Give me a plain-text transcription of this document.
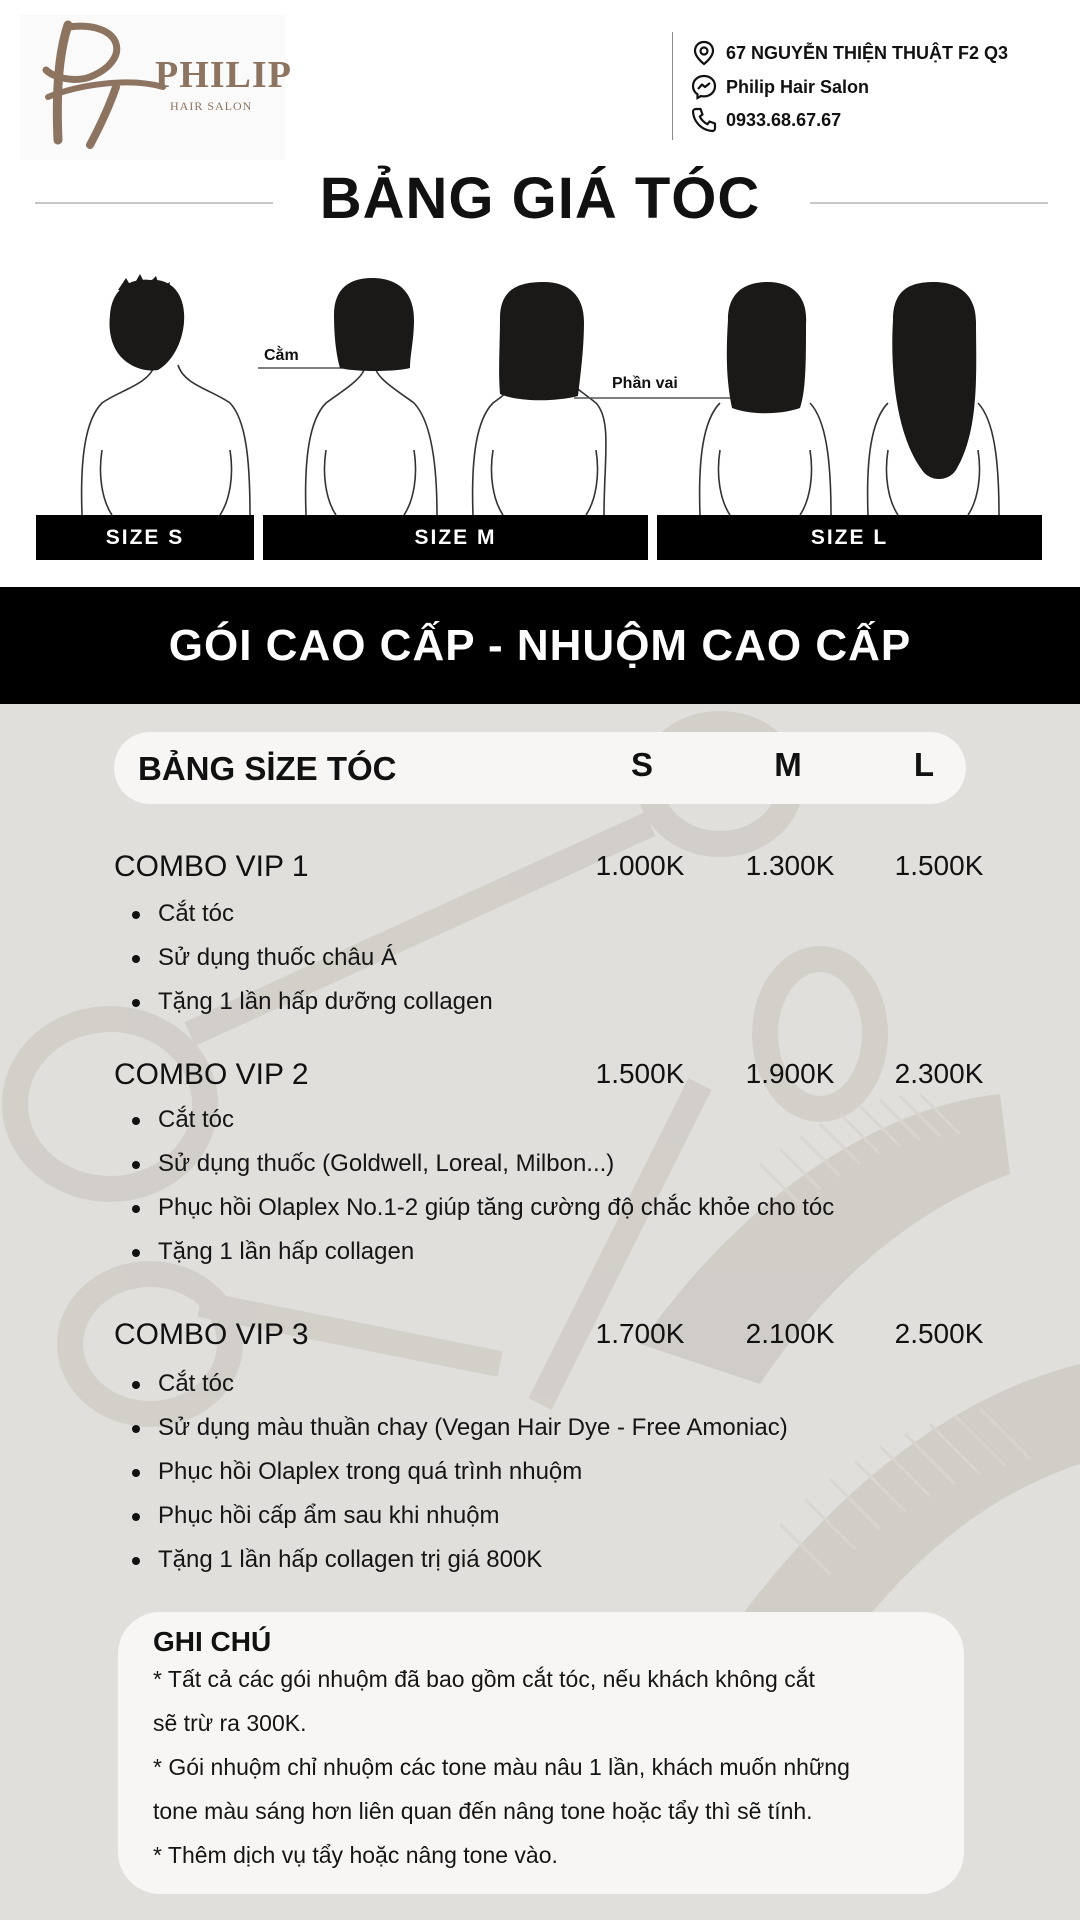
PHILIP
HAIR SALON
67 NGUYỄN THIỆN THUẬT F2 Q3
Philip Hair Salon
0933.68.67.67
BẢNG GIÁ TÓC
Cằm
Phần vai
SIZE S	SIZE M	SIZE L
GÓI CAO CẤP - NHUỘM CAO CẤP
BẢNG SİZE TÓC	S	M	L
COMBO VIP 1	1.000K	1.300K	1.500K
Cắt tóc
Sử dụng thuốc châu Á
Tặng 1 lần hấp dưỡng collagen
COMBO VIP 2	1.500K	1.900K	2.300K
Cắt tóc
Sử dụng thuốc (Goldwell, Loreal, Milbon...)
Phục hồi Olaplex No.1-2 giúp tăng cường độ chắc khỏe cho tóc
Tặng 1 lần hấp collagen
COMBO VIP 3	1.700K	2.100K	2.500K
Cắt tóc
Sử dụng màu thuần chay (Vegan Hair Dye - Free Amoniac)
Phục hồi Olaplex trong quá trình nhuộm
Phục hồi cấp ẩm sau khi nhuộm
Tặng 1 lần hấp collagen trị giá 800K
GHI CHÚ
* Tất cả các gói nhuộm đã bao gồm cắt tóc, nếu khách không cắt
sẽ trừ ra 300K.
* Gói nhuộm chỉ nhuộm các tone màu nâu 1 lần, khách muốn những
tone màu sáng hơn liên quan đến nâng tone hoặc tẩy thì sẽ tính.
* Thêm dịch vụ tẩy hoặc nâng tone vào.
